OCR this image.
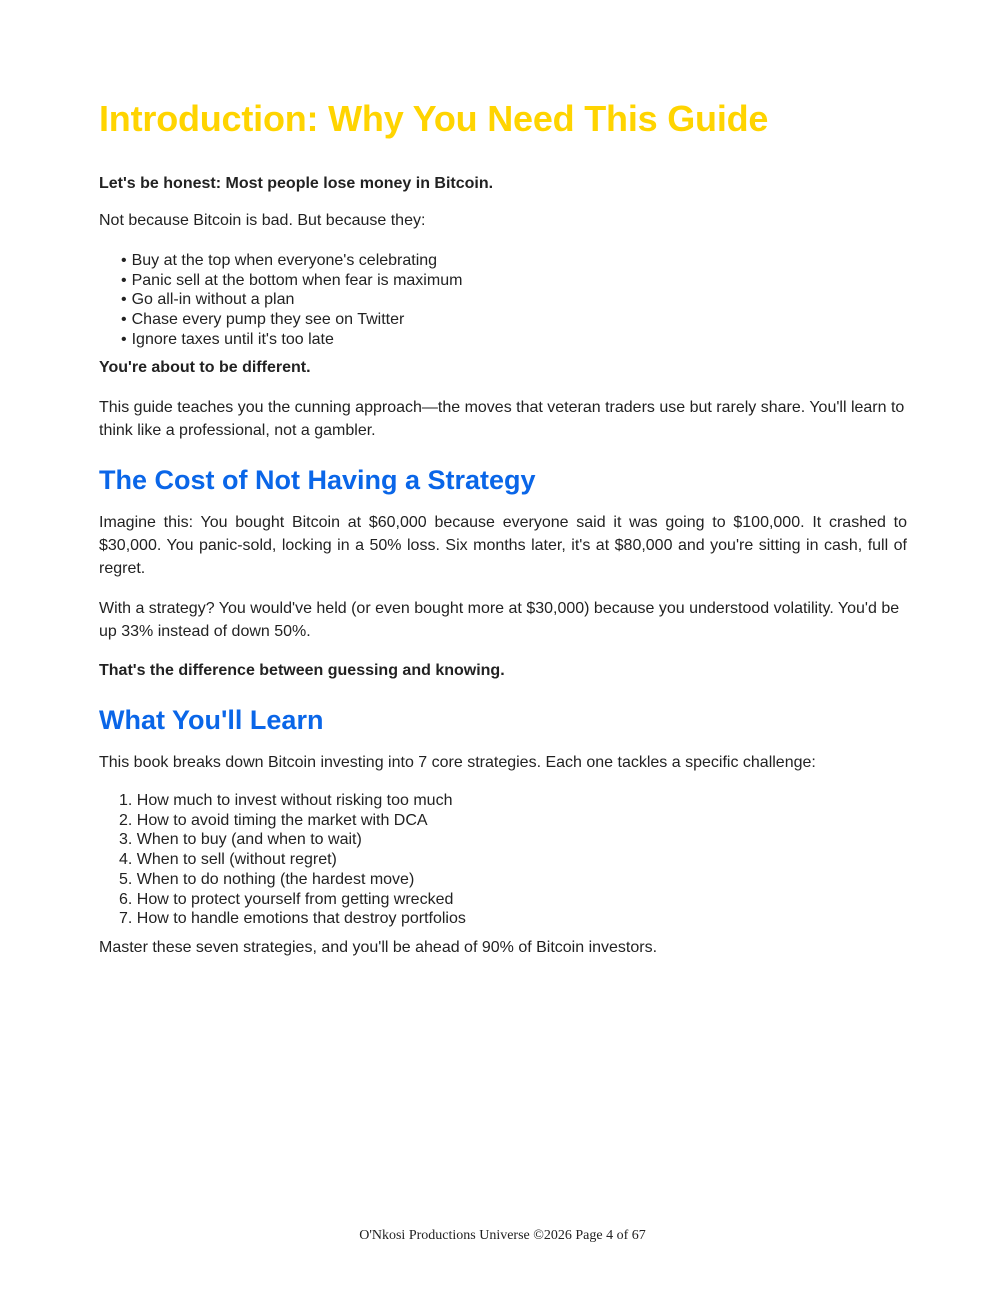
Introduction: Why You Need This Guide

Let's be honest: Most people lose money in Bitcoin.

Not because Bitcoin is bad. But because they:

• Buy at the top when everyone's celebrating
• Panic sell at the bottom when fear is maximum
• Go all-in without a plan
• Chase every pump they see on Twitter
• Ignore taxes until it's too late

You're about to be different.

This guide teaches you the cunning approach—the moves that veteran traders use but rarely share. You'll learn to think like a professional, not a gambler.

The Cost of Not Having a Strategy

Imagine this: You bought Bitcoin at $60,000 because everyone said it was going to $100,000. It crashed to $30,000. You panic-sold, locking in a 50% loss. Six months later, it's at $80,000 and you're sitting in cash, full of regret.

With a strategy? You would've held (or even bought more at $30,000) because you understood volatility. You'd be up 33% instead of down 50%.

That's the difference between guessing and knowing.

What You'll Learn

This book breaks down Bitcoin investing into 7 core strategies. Each one tackles a specific challenge:

1. How much to invest without risking too much
2. How to avoid timing the market with DCA
3. When to buy (and when to wait)
4. When to sell (without regret)
5. When to do nothing (the hardest move)
6. How to protect yourself from getting wrecked
7. How to handle emotions that destroy portfolios

Master these seven strategies, and you'll be ahead of 90% of Bitcoin investors.

O'Nkosi Productions Universe ©2026 Page 4 of 67
